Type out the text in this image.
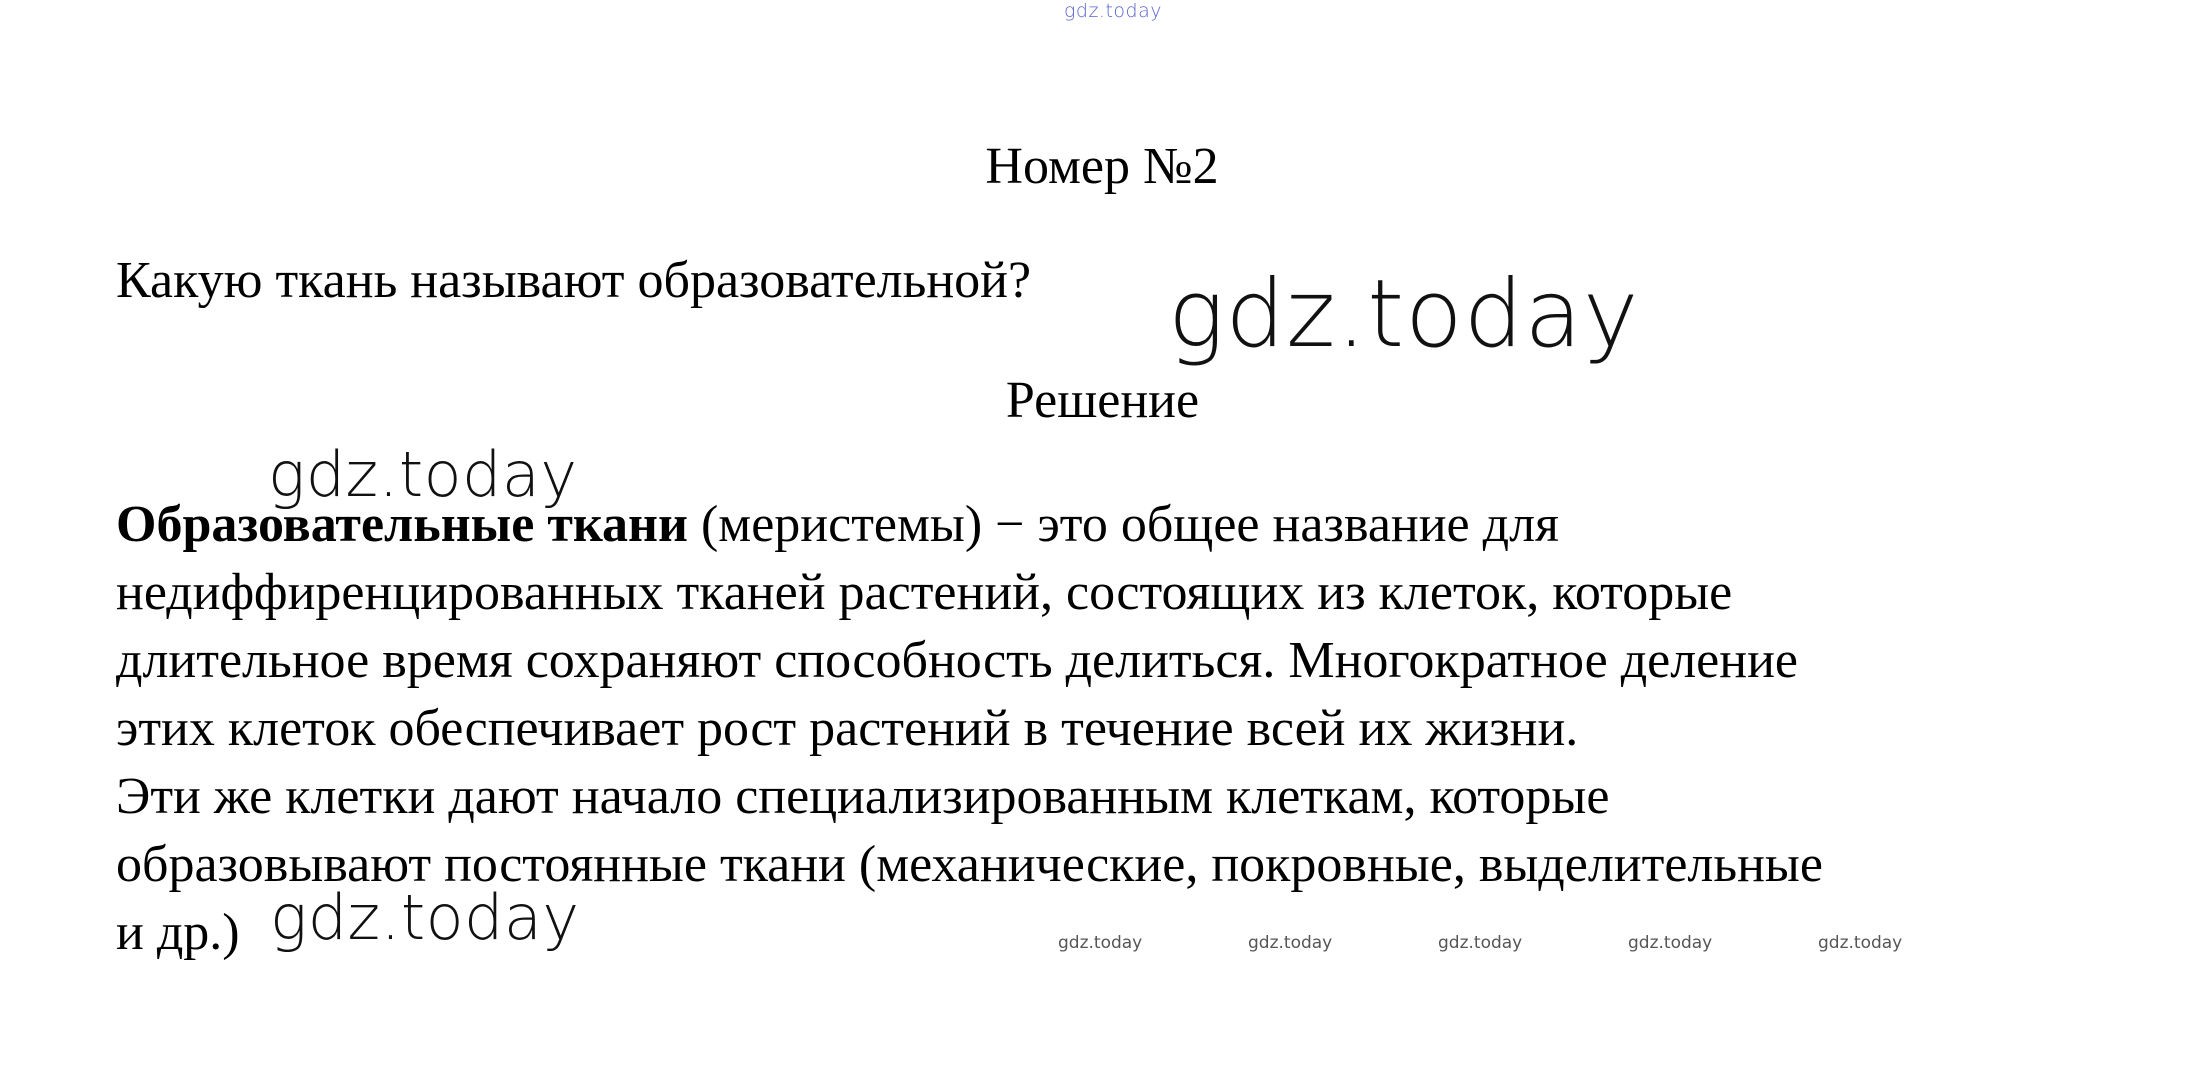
gdz.today
gdz.today
gdz.today
gdz.today	gdz.today	gdz.today	gdz.today	gdz.today	gdz.today
Номер №2
Какую ткань называют образовательной?
Решение
Образовательные ткани (меристемы) − это общее название для
недиффиренцированных тканей растений, состоящих из клеток, которые
длительное время сохраняют способность делиться. Многократное деление
этих клеток обеспечивает рост растений в течение всей их жизни.
Эти же клетки дают начало специализированным клеткам, которые
образовывают постоянные ткани (механические, покровные, выделительные
и др.)
